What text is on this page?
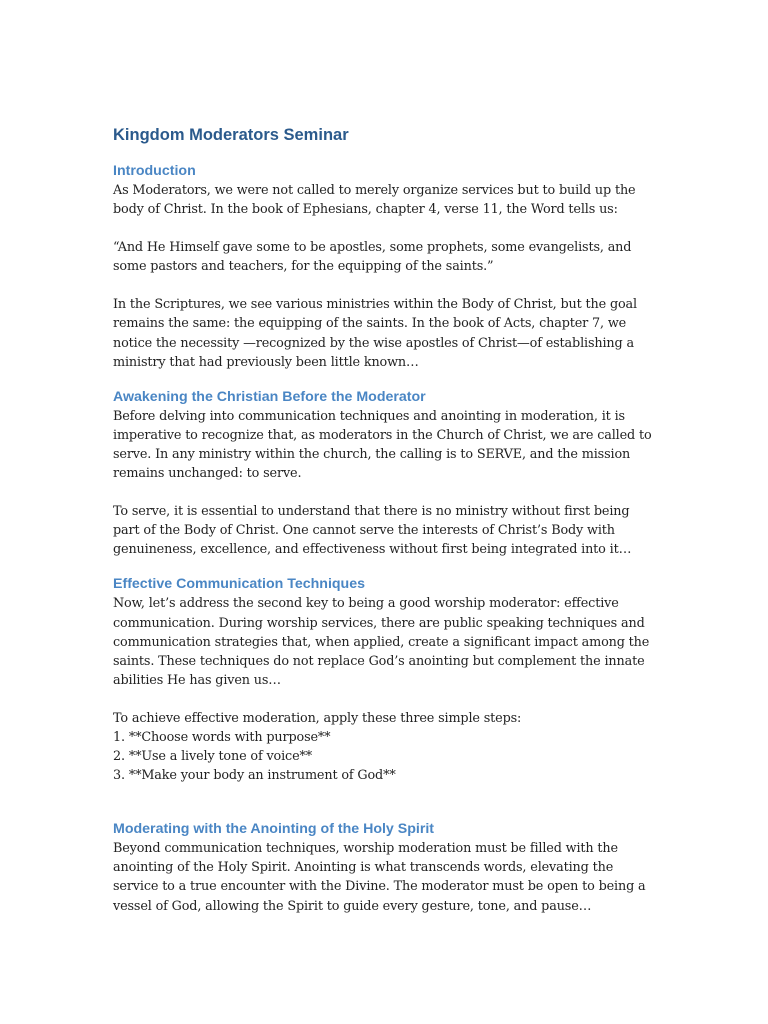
Kingdom Moderators Seminar
Introduction

As Moderators, we were not called to merely organize services but to build up the body of Christ. In the book of Ephesians, chapter 4, verse 11, the Word tells us:

“And He Himself gave some to be apostles, some prophets, some evangelists, and some pastors and teachers, for the equipping of the saints.”

In the Scriptures, we see various ministries within the Body of Christ, but the goal remains the same: the equipping of the saints. In the book of Acts, chapter 7, we notice the necessity —recognized by the wise apostles of Christ—of establishing a ministry that had previously been little known…

Awakening the Christian Before the Moderator

Before delving into communication techniques and anointing in moderation, it is imperative to recognize that, as moderators in the Church of Christ, we are called to serve. In any ministry within the church, the calling is to SERVE, and the mission remains unchanged: to serve.

To serve, it is essential to understand that there is no ministry without first being part of the Body of Christ. One cannot serve the interests of Christ’s Body with genuineness, excellence, and effectiveness without first being integrated into it…

Effective Communication Techniques

Now, let’s address the second key to being a good worship moderator: effective communication. During worship services, there are public speaking techniques and communication strategies that, when applied, create a significant impact among the saints. These techniques do not replace God’s anointing but complement the innate abilities He has given us…

To achieve effective moderation, apply these three simple steps:

1. **Choose words with purpose**
2. **Use a lively tone of voice**
3. **Make your body an instrument of God**
Moderating with the Anointing of the Holy Spirit

Beyond communication techniques, worship moderation must be filled with the anointing of the Holy Spirit. Anointing is what transcends words, elevating the service to a true encounter with the Divine. The moderator must be open to being a vessel of God, allowing the Spirit to guide every gesture, tone, and pause…
